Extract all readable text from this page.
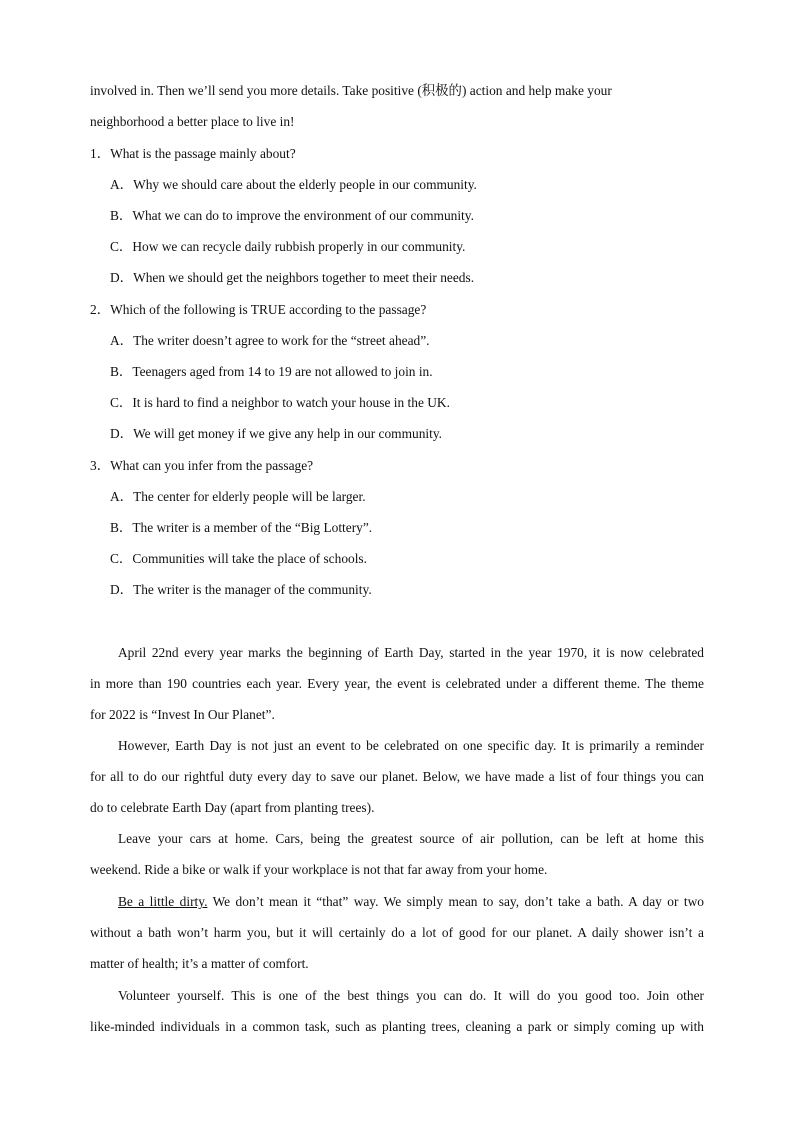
involved in. Then we’ll send you more details. Take positive (积极的) action and help make your
neighborhood a better place to live in!
1．What is the passage mainly about?
A．Why we should care about the elderly people in our community.
B．What we can do to improve the environment of our community.
C．How we can recycle daily rubbish properly in our community.
D．When we should get the neighbors together to meet their needs.
2．Which of the following is TRUE according to the passage?
A．The writer doesn’t agree to work for the “street ahead”.
B．Teenagers aged from 14 to 19 are not allowed to join in.
C．It is hard to find a neighbor to watch your house in the UK.
D．We will get money if we give any help in our community.
3．What can you infer from the passage?
A．The center for elderly people will be larger.
B．The writer is a member of the “Big Lottery”.
C．Communities will take the place of schools.
D．The writer is the manager of the community.
April 22nd every year marks the beginning of Earth Day, started in the year 1970, it is now celebrated
in more than 190 countries each year. Every year, the event is celebrated under a different theme. The theme
for 2022 is “Invest In Our Planet”.
However, Earth Day is not just an event to be celebrated on one specific day. It is primarily a reminder
for all to do our rightful duty every day to save our planet. Below, we have made a list of four things you can
do to celebrate Earth Day (apart from planting trees).
Leave your cars at home. Cars, being the greatest source of air pollution, can be left at home this
weekend. Ride a bike or walk if your workplace is not that far away from your home.
Be a little dirty. We don’t mean it “that” way. We simply mean to say, don’t take a bath. A day or two
without a bath won’t harm you, but it will certainly do a lot of good for our planet. A daily shower isn’t a
matter of health; it’s a matter of comfort.
Volunteer yourself. This is one of the best things you can do. It will do you good too. Join other
like-minded individuals in a common task, such as planting trees, cleaning a park or simply coming up with
